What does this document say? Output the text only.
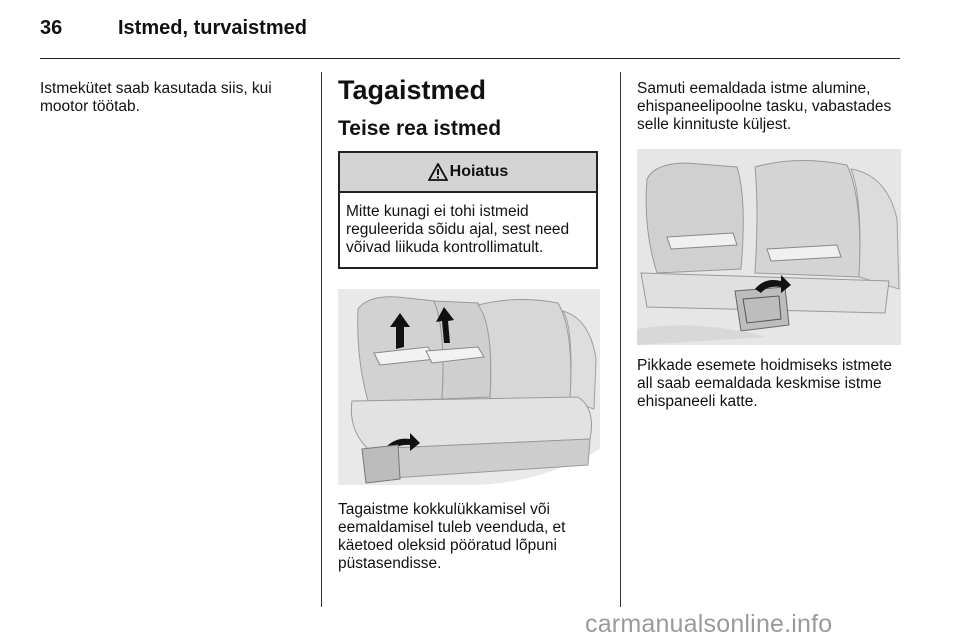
36	Istmed, turvaistmed

Istmekütet saab kasutada siis, kui mootor töötab.

Tagaistmed
Teise rea istmed
Hoiatus

Mitte kunagi ei tohi istmeid reguleerida sõidu ajal, sest need võivad liikuda kontrollimatult.

Tagaistme kokkulükkamisel või eemaldamisel tuleb veenduda, et käetoed oleksid pööratud lõpuni püstasendisse.

Samuti eemaldada istme alumine, ehispaneelipoolne tasku, vabastades selle kinnituste küljest.

Pikkade esemete hoidmiseks istmete all saab eemaldada keskmise istme ehispaneeli katte.

carmanualsonline.info
